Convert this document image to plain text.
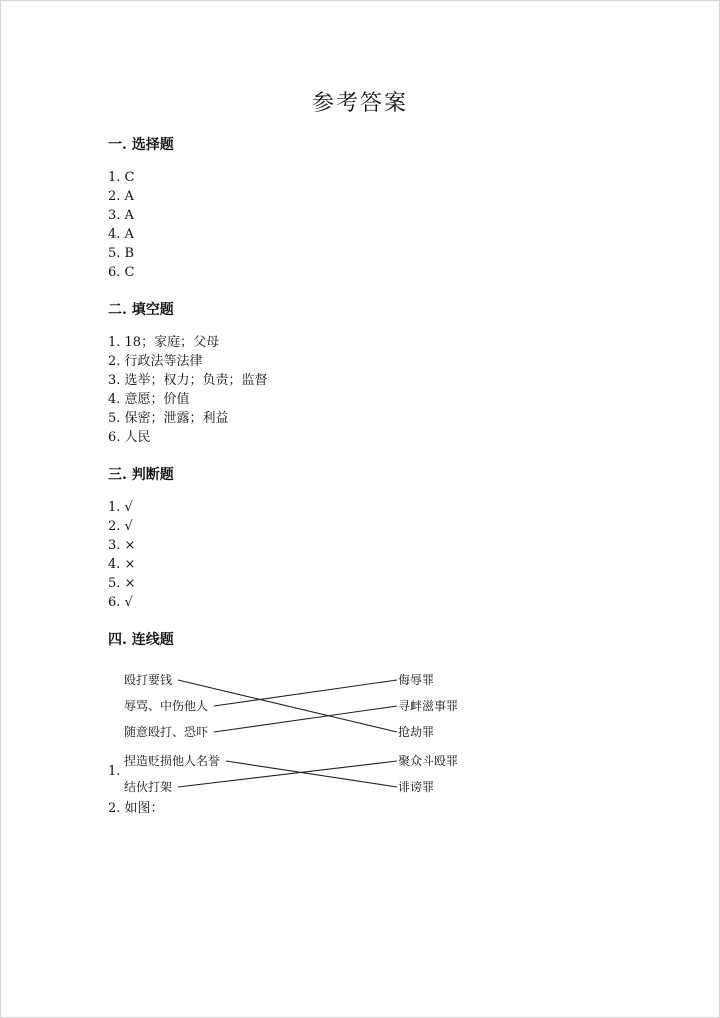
参考答案
一. 选择题
1. C
2. A
3. A
4. A
5. B
6. C
二. 填空题
1. 18；家庭；父母
2. 行政法等法律
3. 选举；权力；负责；监督
4. 意愿；价值
5. 保密；泄露；利益
6. 人民
三. 判断题
1. √
2. √
3. ×
4. ×
5. ×
6. √
四. 连线题
殴打要钱
辱骂、中伤他人
随意殴打、恐吓
捏造贬损他人名誉
结伙打架
侮辱罪
寻衅滋事罪
抢劫罪
聚众斗殴罪
诽谤罪
1.
2. 如图：
